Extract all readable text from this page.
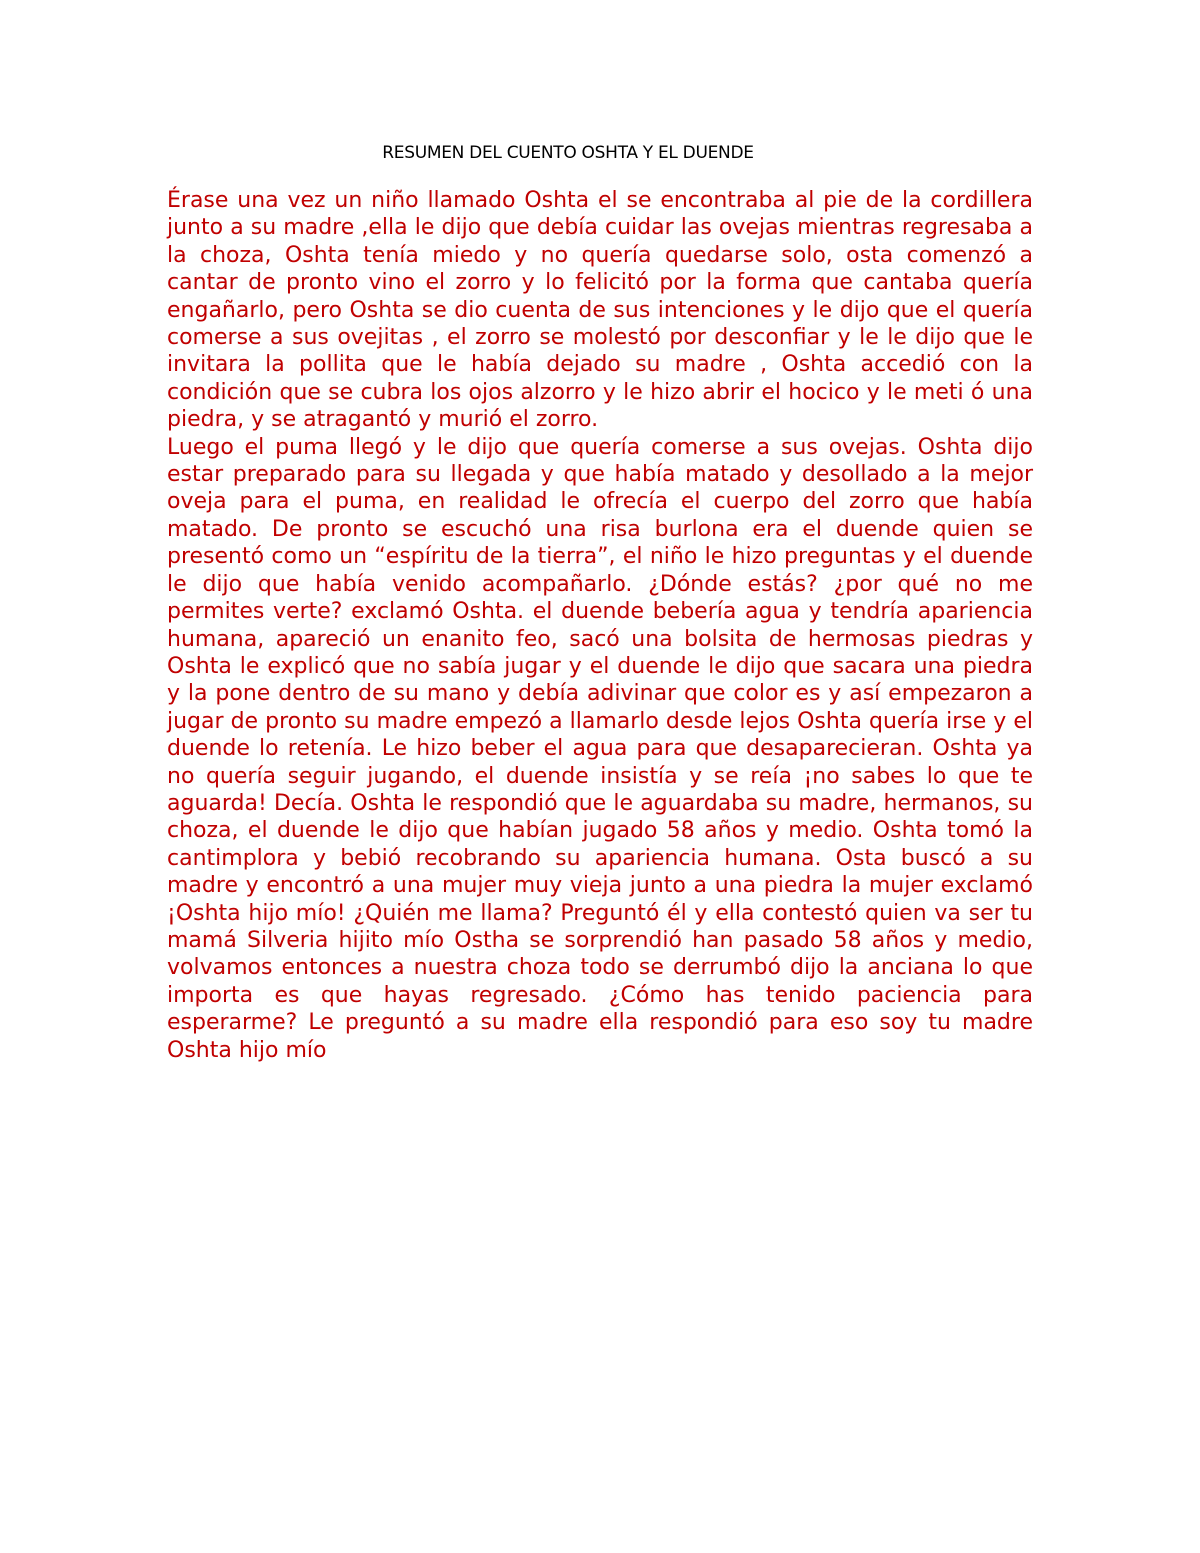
RESUMEN DEL CUENTO OSHTA Y EL DUENDE

Érase una vez un niño llamado Oshta el se encontraba al pie de la cordillera junto a su madre ,ella le dijo que debía cuidar las ovejas mientras regresaba a la choza, Oshta tenía miedo y no quería quedarse solo, osta comenzó a cantar de pronto vino el zorro y lo felicitó por la forma que cantaba quería engañarlo, pero Oshta se dio cuenta de sus intenciones y le dijo que el quería comerse a sus ovejitas , el zorro se molestó por desconfiar y le le dijo que le invitara la pollita que le había dejado su madre , Oshta accedió con la condición que se cubra los ojos alzorro y le hizo abrir el hocico y le meti ó una piedra, y se atragantó y murió el zorro.

Luego el puma llegó y le dijo que quería comerse a sus ovejas. Oshta dijo estar preparado para su llegada y que había matado y desollado a la mejor oveja para el puma, en realidad le ofrecía el cuerpo del zorro que había matado. De pronto se escuchó una risa burlona era el duende quien se presentó como un “espíritu de la tierra”, el niño le hizo preguntas y el duende le dijo que había venido acompañarlo. ¿Dónde estás? ¿por qué no me permites verte? exclamó Oshta. el duende bebería agua y tendría apariencia humana, apareció un enanito feo, sacó una bolsita de hermosas piedras y Oshta le explicó que no sabía jugar y el duende le dijo que sacara una piedra y la pone dentro de su mano y debía adivinar que color es y así empezaron a jugar de pronto su madre empezó a llamarlo desde lejos Oshta quería irse y el duende lo retenía. Le hizo beber el agua para que desaparecieran. Oshta ya no quería seguir jugando, el duende insistía y se reía ¡no sabes lo que te aguarda! Decía. Oshta le respondió que le aguardaba su madre, hermanos, su choza, el duende le dijo que habían jugado 58 años y medio. Oshta tomó la cantimplora y bebió recobrando su apariencia humana. Osta buscó a su madre y encontró a una mujer muy vieja junto a una piedra la mujer exclamó ¡Oshta hijo mío! ¿Quién me llama? Preguntó él y ella contestó quien va ser tu mamá Silveria hijito mío Ostha se sorprendió han pasado 58 años y medio, volvamos entonces a nuestra choza todo se derrumbó dijo la anciana lo que importa es que hayas regresado. ¿Cómo has tenido paciencia para esperarme? Le preguntó a su madre ella respondió para eso soy tu madre Oshta hijo mío
